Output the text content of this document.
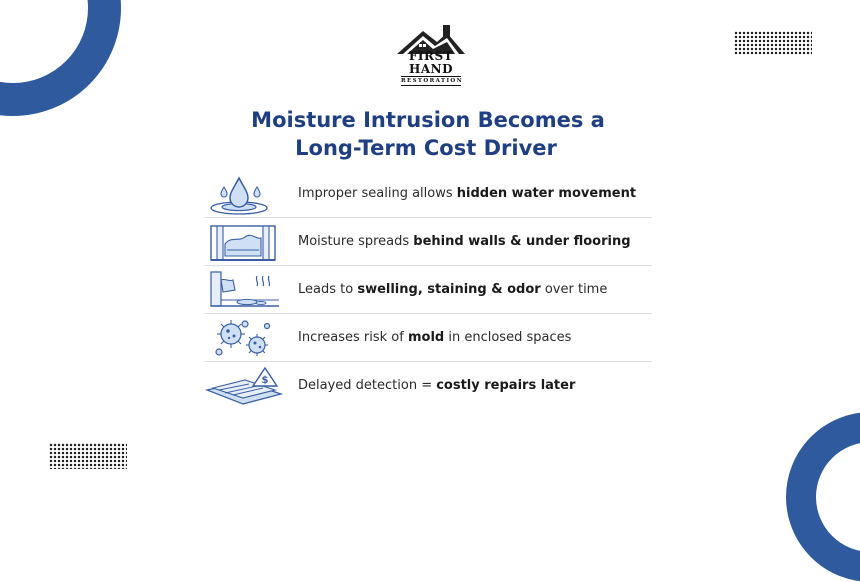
FIRST HAND
RESTORATION
Moisture Intrusion Becomes a
Long-Term Cost Driver
Improper sealing allows hidden water movement
Moisture spreads behind walls & under flooring
Leads to swelling, staining & odor over time
Increases risk of mold in enclosed spaces
$ Delayed detection = costly repairs later
